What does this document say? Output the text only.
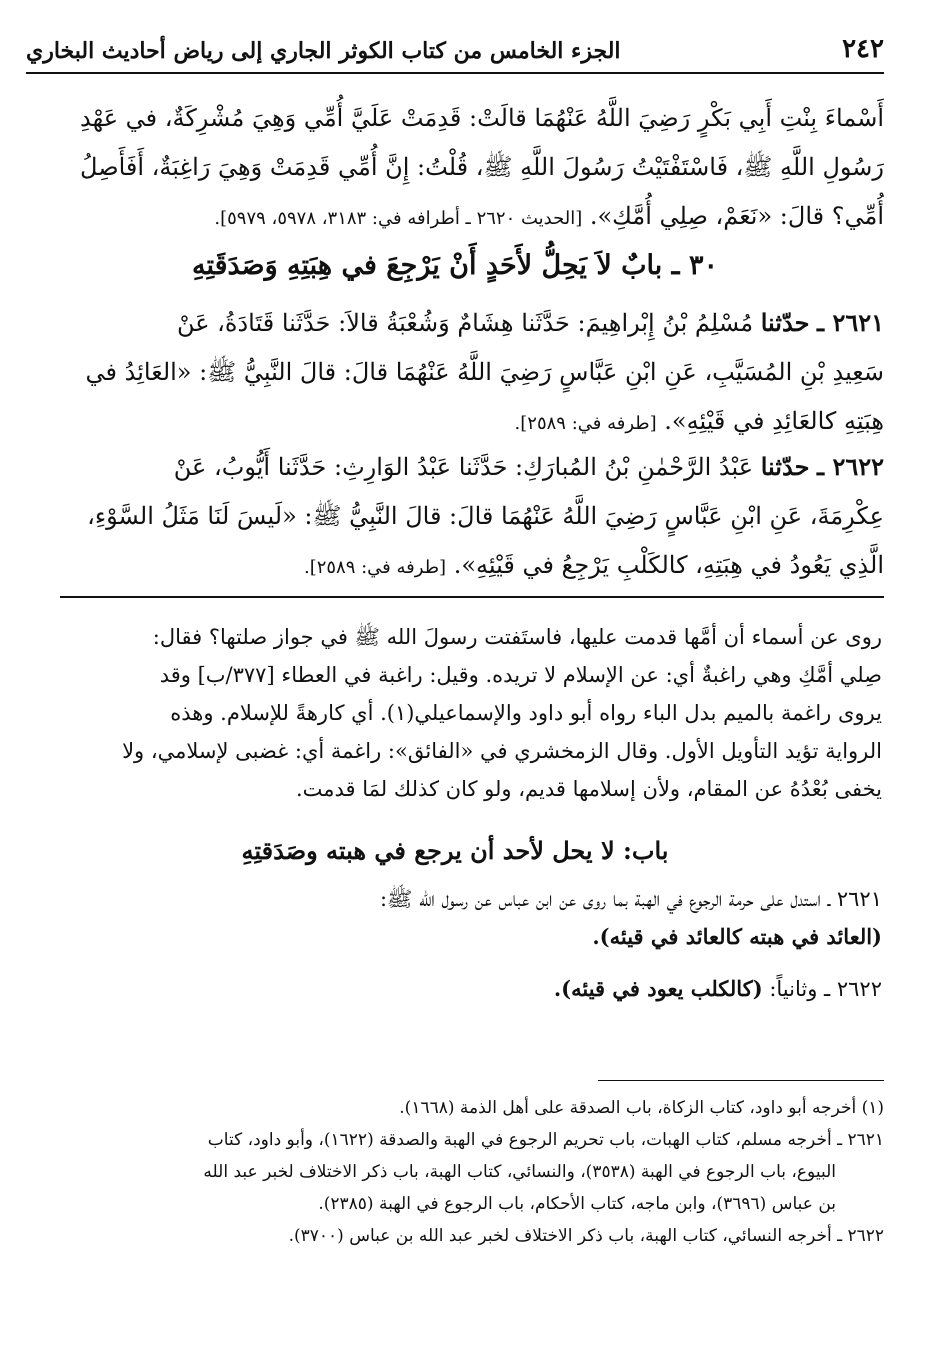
٢٤٢
الجزء الخامس من كتاب الكوثر الجاري إلى رياض أحاديث البخاري
أَسْماءَ بِنْتِ أَبِي بَكْرٍ رَضِيَ اللَّهُ عَنْهُمَا قالَتْ: قَدِمَتْ عَلَيَّ أُمِّي وَهِيَ مُشْرِكَةٌ، في عَهْدِ
رَسُولِ اللَّهِ ﷺ، فَاسْتَفْتَيْتُ رَسُولَ اللَّهِ ﷺ، قُلْتُ: إِنَّ أُمِّي قَدِمَتْ وَهِيَ رَاغِبَةٌ، أَفَأَصِلُ
أُمِّي؟ قالَ: «نَعَمْ، صِلِي أُمَّكِ». [الحديث ٢٦٢٠ ـ أطرافه في: ٣١٨٣، ٥٩٧٨، ٥٩٧٩].
٣٠ ـ بابٌ لاَ يَحِلُّ لأَحَدٍ أَنْ يَرْجِعَ في هِبَتِهِ وَصَدَقَتِهِ
٢٦٢١ ـ حدّثنا مُسْلِمُ بْنُ إِبْراهِيمَ: حَدَّثَنا هِشَامٌ وَشُعْبَةُ قالاَ: حَدَّثَنا قَتَادَةُ، عَنْ
سَعِيدِ بْنِ المُسَيَّبِ، عَنِ ابْنِ عَبَّاسٍ رَضِيَ اللَّهُ عَنْهُمَا قالَ: قالَ النَّبِيُّ ﷺ: «العَائِدُ في
هِبَتِهِ كالعَائِدِ في قَيْئِهِ». [طرفه في: ٢٥٨٩].
٢٦٢٢ ـ حدّثنا عَبْدُ الرَّحْمٰنِ بْنُ المُبارَكِ: حَدَّثَنا عَبْدُ الوَارِثِ: حَدَّثَنا أَيُّوبُ، عَنْ
عِكْرِمَةَ، عَنِ ابْنِ عَبَّاسٍ رَضِيَ اللَّهُ عَنْهُمَا قالَ: قالَ النَّبِيُّ ﷺ: «لَيسَ لَنَا مَثَلُ السَّوْءِ،
الَّذِي يَعُودُ في هِبَتِهِ، كالكَلْبِ يَرْجِعُ في قَيْئِهِ». [طرفه في: ٢٥٨٩].
روى عن أسماء أن أمَّها قدمت عليها، فاستَفتت رسولَ الله ﷺ في جواز صلتها؟ فقال:
صِلي أمَّكِ وهي راغبةٌ أي: عن الإسلام لا تريده. وقيل: راغبة في العطاء [٣٧٧/ب] وقد
يروى راغمة بالميم بدل الباء رواه أبو داود والإسماعيلي(١). أي كارهةً للإسلام. وهذه
الرواية تؤيد التأويل الأول. وقال الزمخشري في «الفائق»: راغمة أي: غضبى لإسلامي، ولا
يخفى بُعْدُهُ عن المقام، ولأن إسلامها قديم، ولو كان كذلك لمَا قدمت.
باب: لا يحل لأحد أن يرجع في هبته وصَدَقتِهِ
٢٦٢١ ـ استدل على حرمة الرجوع في الهبة بما روى عن ابن عباس عن رسول الله ﷺ:
(العائد في هبته كالعائد في قيئه).
٢٦٢٢ ـ وثانياً: (كالكلب يعود في قيئه).
(١) أخرجه أبو داود، كتاب الزكاة، باب الصدقة على أهل الذمة (١٦٦٨).
٢٦٢١ ـ أخرجه مسلم، كتاب الهبات، باب تحريم الرجوع في الهبة والصدقة (١٦٢٢)، وأبو داود، كتاب
البيوع، باب الرجوع في الهبة (٣٥٣٨)، والنسائي، كتاب الهبة، باب ذكر الاختلاف لخبر عبد الله
بن عباس (٣٦٩٦)، وابن ماجه، كتاب الأحكام، باب الرجوع في الهبة (٢٣٨٥).
٢٦٢٢ ـ أخرجه النسائي، كتاب الهبة، باب ذكر الاختلاف لخبر عبد الله بن عباس (٣٧٠٠).
